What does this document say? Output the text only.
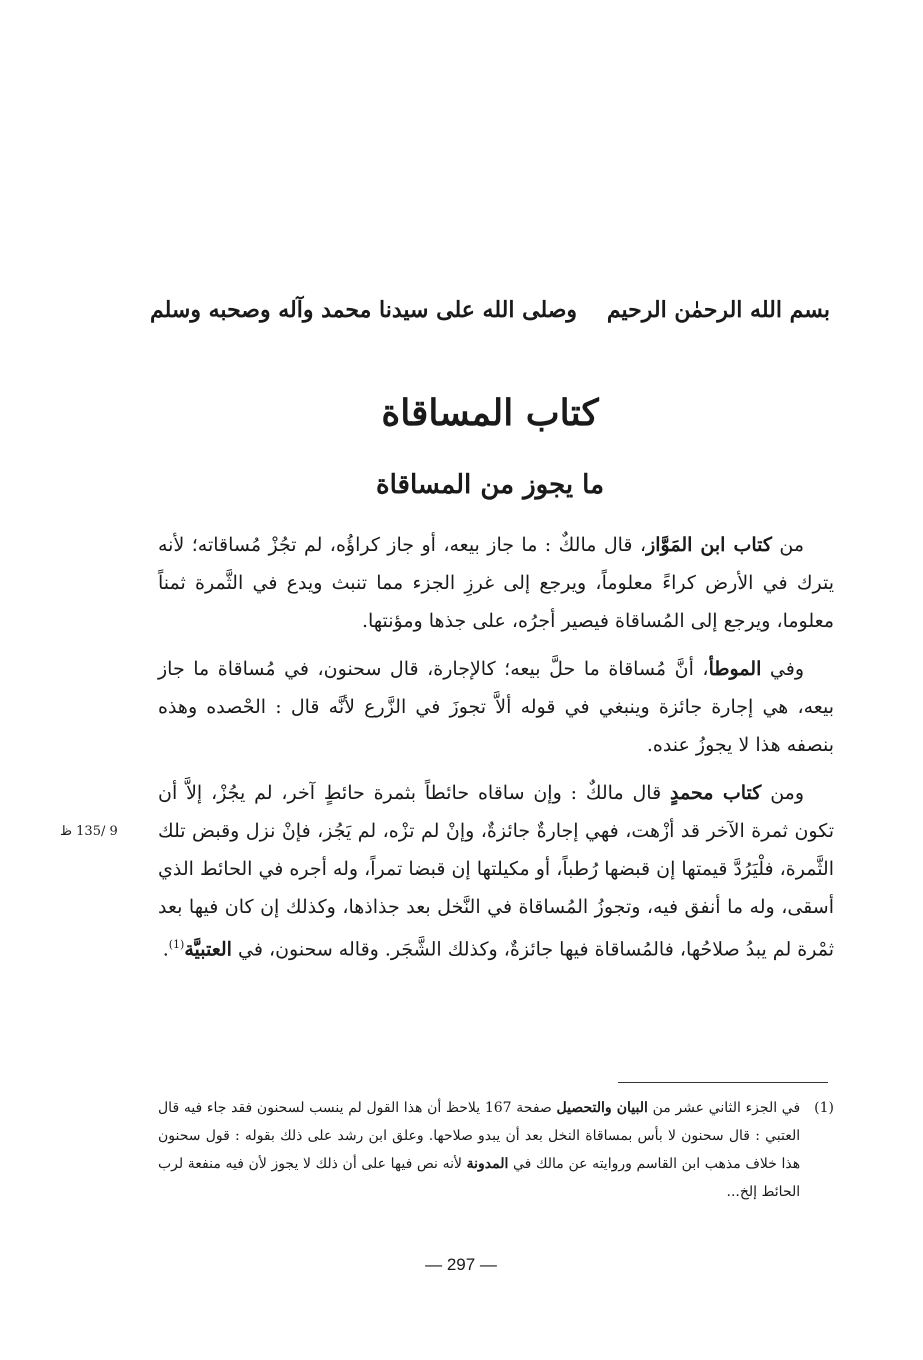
بسم الله الرحمٰن الرحيم
وصلى الله على سيدنا محمد وآله وصحبه وسلم
كتاب المساقاة
ما يجوز من المساقاة

من كتاب ابن المَوَّاز، قال مالكٌ : ما جاز بيعه، أو جاز كراؤُه، لم تجُزْ مُساقاته؛ لأنه يترك في الأرض كراءً معلوماً، ويرجع إلى غرزِ الجزء مما تنبث ويدع في الثَّمرة ثمناً معلوما، ويرجع إلى المُساقاة فيصير أجرُه، على جذها ومؤنتها.

وفي الموطأ، أنَّ مُساقاة ما حلَّ بيعه؛ كالإجارة، قال سحنون، في مُساقاة ما جاز بيعه، هي إجارة جائزة وينبغي في قوله ألاَّ تجوزَ في الزَّرع لأنَّه قال : الحْصده وهذه بنصفه هذا لا يجوزُ عنده.

ومن كتاب محمدٍ قال مالكٌ : وإن ساقاه حائطاً بثمرة حائطٍ آخر، لم يجُزْ، إلاَّ أن تكون ثمرة الآخر قد أزْهت، فهي إجارةٌ جائزةٌ، وإنْ لم تزْه، لم يَجُز، فإنْ نزل وقبض تلك الثَّمرة، فلْيَرُدَّ قيمتها إن قبضها رُطباً، أو مكيلتها إن قبضا تمراً، وله أجره في الحائط الذي أسقى، وله ما أنفق فيه، وتجوزُ المُساقاة في النَّخل بعد جذاذها، وكذلك إن كان فيها بعد ثمْرة لم يبدُ صلاحُها، فالمُساقاة فيها جائزةٌ، وكذلك الشَّجَر. وقاله سحنون، في العتبيَّة$^{(1)}$.

9 /135 ظ
(1)

في الجزء الثاني عشر من البيان والتحصيل صفحة 167 يلاحظ أن هذا القول لم ينسب لسحنون فقد جاء فيه قال العتبي : قال سحنون لا بأس بمساقاة النخل بعد أن يبدو صلاحها. وعلق ابن رشد على ذلك بقوله : قول سحنون هذا خلاف مذهب ابن القاسم وروايته عن مالك في المدونة لأنه نص فيها على أن ذلك لا يجوز لأن فيه منفعة لرب الحائط إلخ...

— 297 —
